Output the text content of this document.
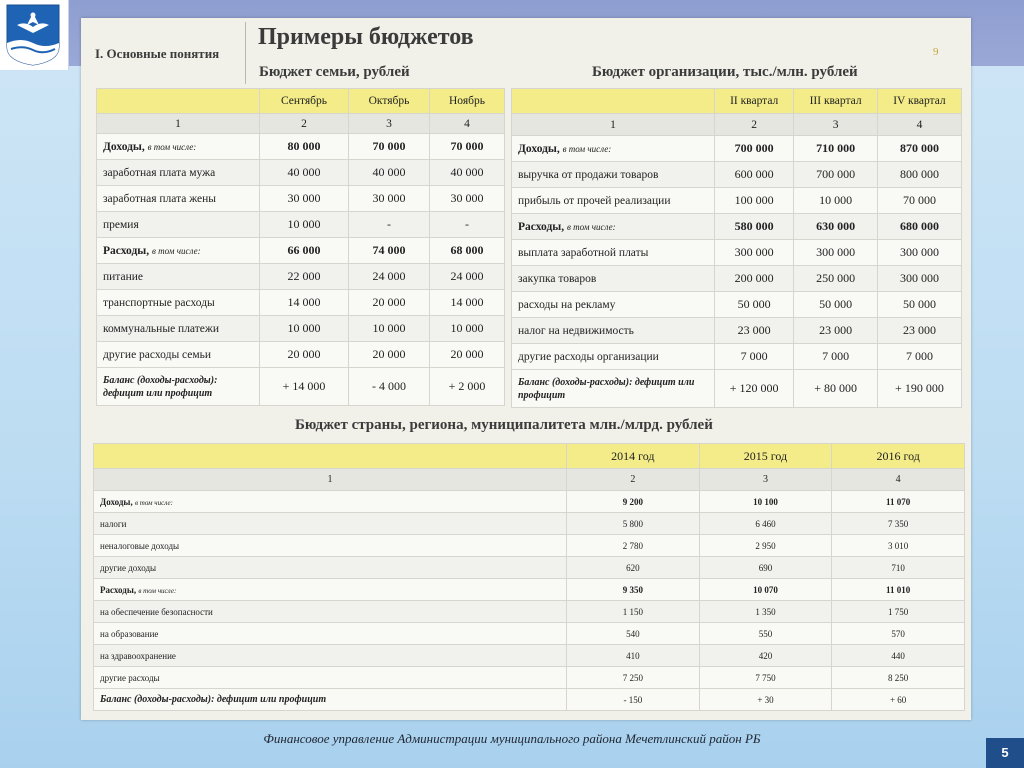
I. Основные понятия
Примеры бюджетов
9
Бюджет семьи, рублей	Бюджет организации, тыс./млн. рублей
Бюджет страны, региона, муниципалитета млн./млрд. рублей
	Сентябрь	Октябрь	Ноябрь
1	2	3	4
Доходы, в том числе:	80 000	70 000	70 000
заработная плата мужа	40 000	40 000	40 000
заработная плата жены	30 000	30 000	30 000
премия	10 000	-	-
Расходы, в том числе:	66 000	74 000	68 000
питание	22 000	24 000	24 000
транспортные расходы	14 000	20 000	14 000
коммунальные платежи	10 000	10 000	10 000
другие расходы семьи	20 000	20 000	20 000
Баланс (доходы-расходы): дефицит или профицит	+ 14 000	- 4 000	+ 2 000
	II квартал	III квартал	IV квартал
1	2	3	4
Доходы, в том числе:	700 000	710 000	870 000
выручка от продажи товаров	600 000	700 000	800 000
прибыль от прочей реализации	100 000	10 000	70 000
Расходы, в том числе:	580 000	630 000	680 000
выплата заработной платы	300 000	300 000	300 000
закупка товаров	200 000	250 000	300 000
расходы на рекламу	50 000	50 000	50 000
налог на недвижимость	23 000	23 000	23 000
другие расходы организации	7 000	7 000	7 000
Баланс (доходы-расходы): дефицит или профицит	+ 120 000	+ 80 000	+ 190 000
	2014 год	2015 год	2016 год
1	2	3	4
Доходы, в том числе:	9 200	10 100	11 070
налоги	5 800	6 460	7 350
неналоговые доходы	2 780	2 950	3 010
другие доходы	620	690	710
Расходы, в том числе:	9 350	10 070	11 010
на обеспечение безопасности	1 150	1 350	1 750
на образование	540	550	570
на здравоохранение	410	420	440
другие расходы	7 250	7 750	8 250
Баланс (доходы-расходы): дефицит или профицит	- 150	+ 30	+ 60
Финансовое управление Администрации муниципального района Мечетлинский район РБ
5
